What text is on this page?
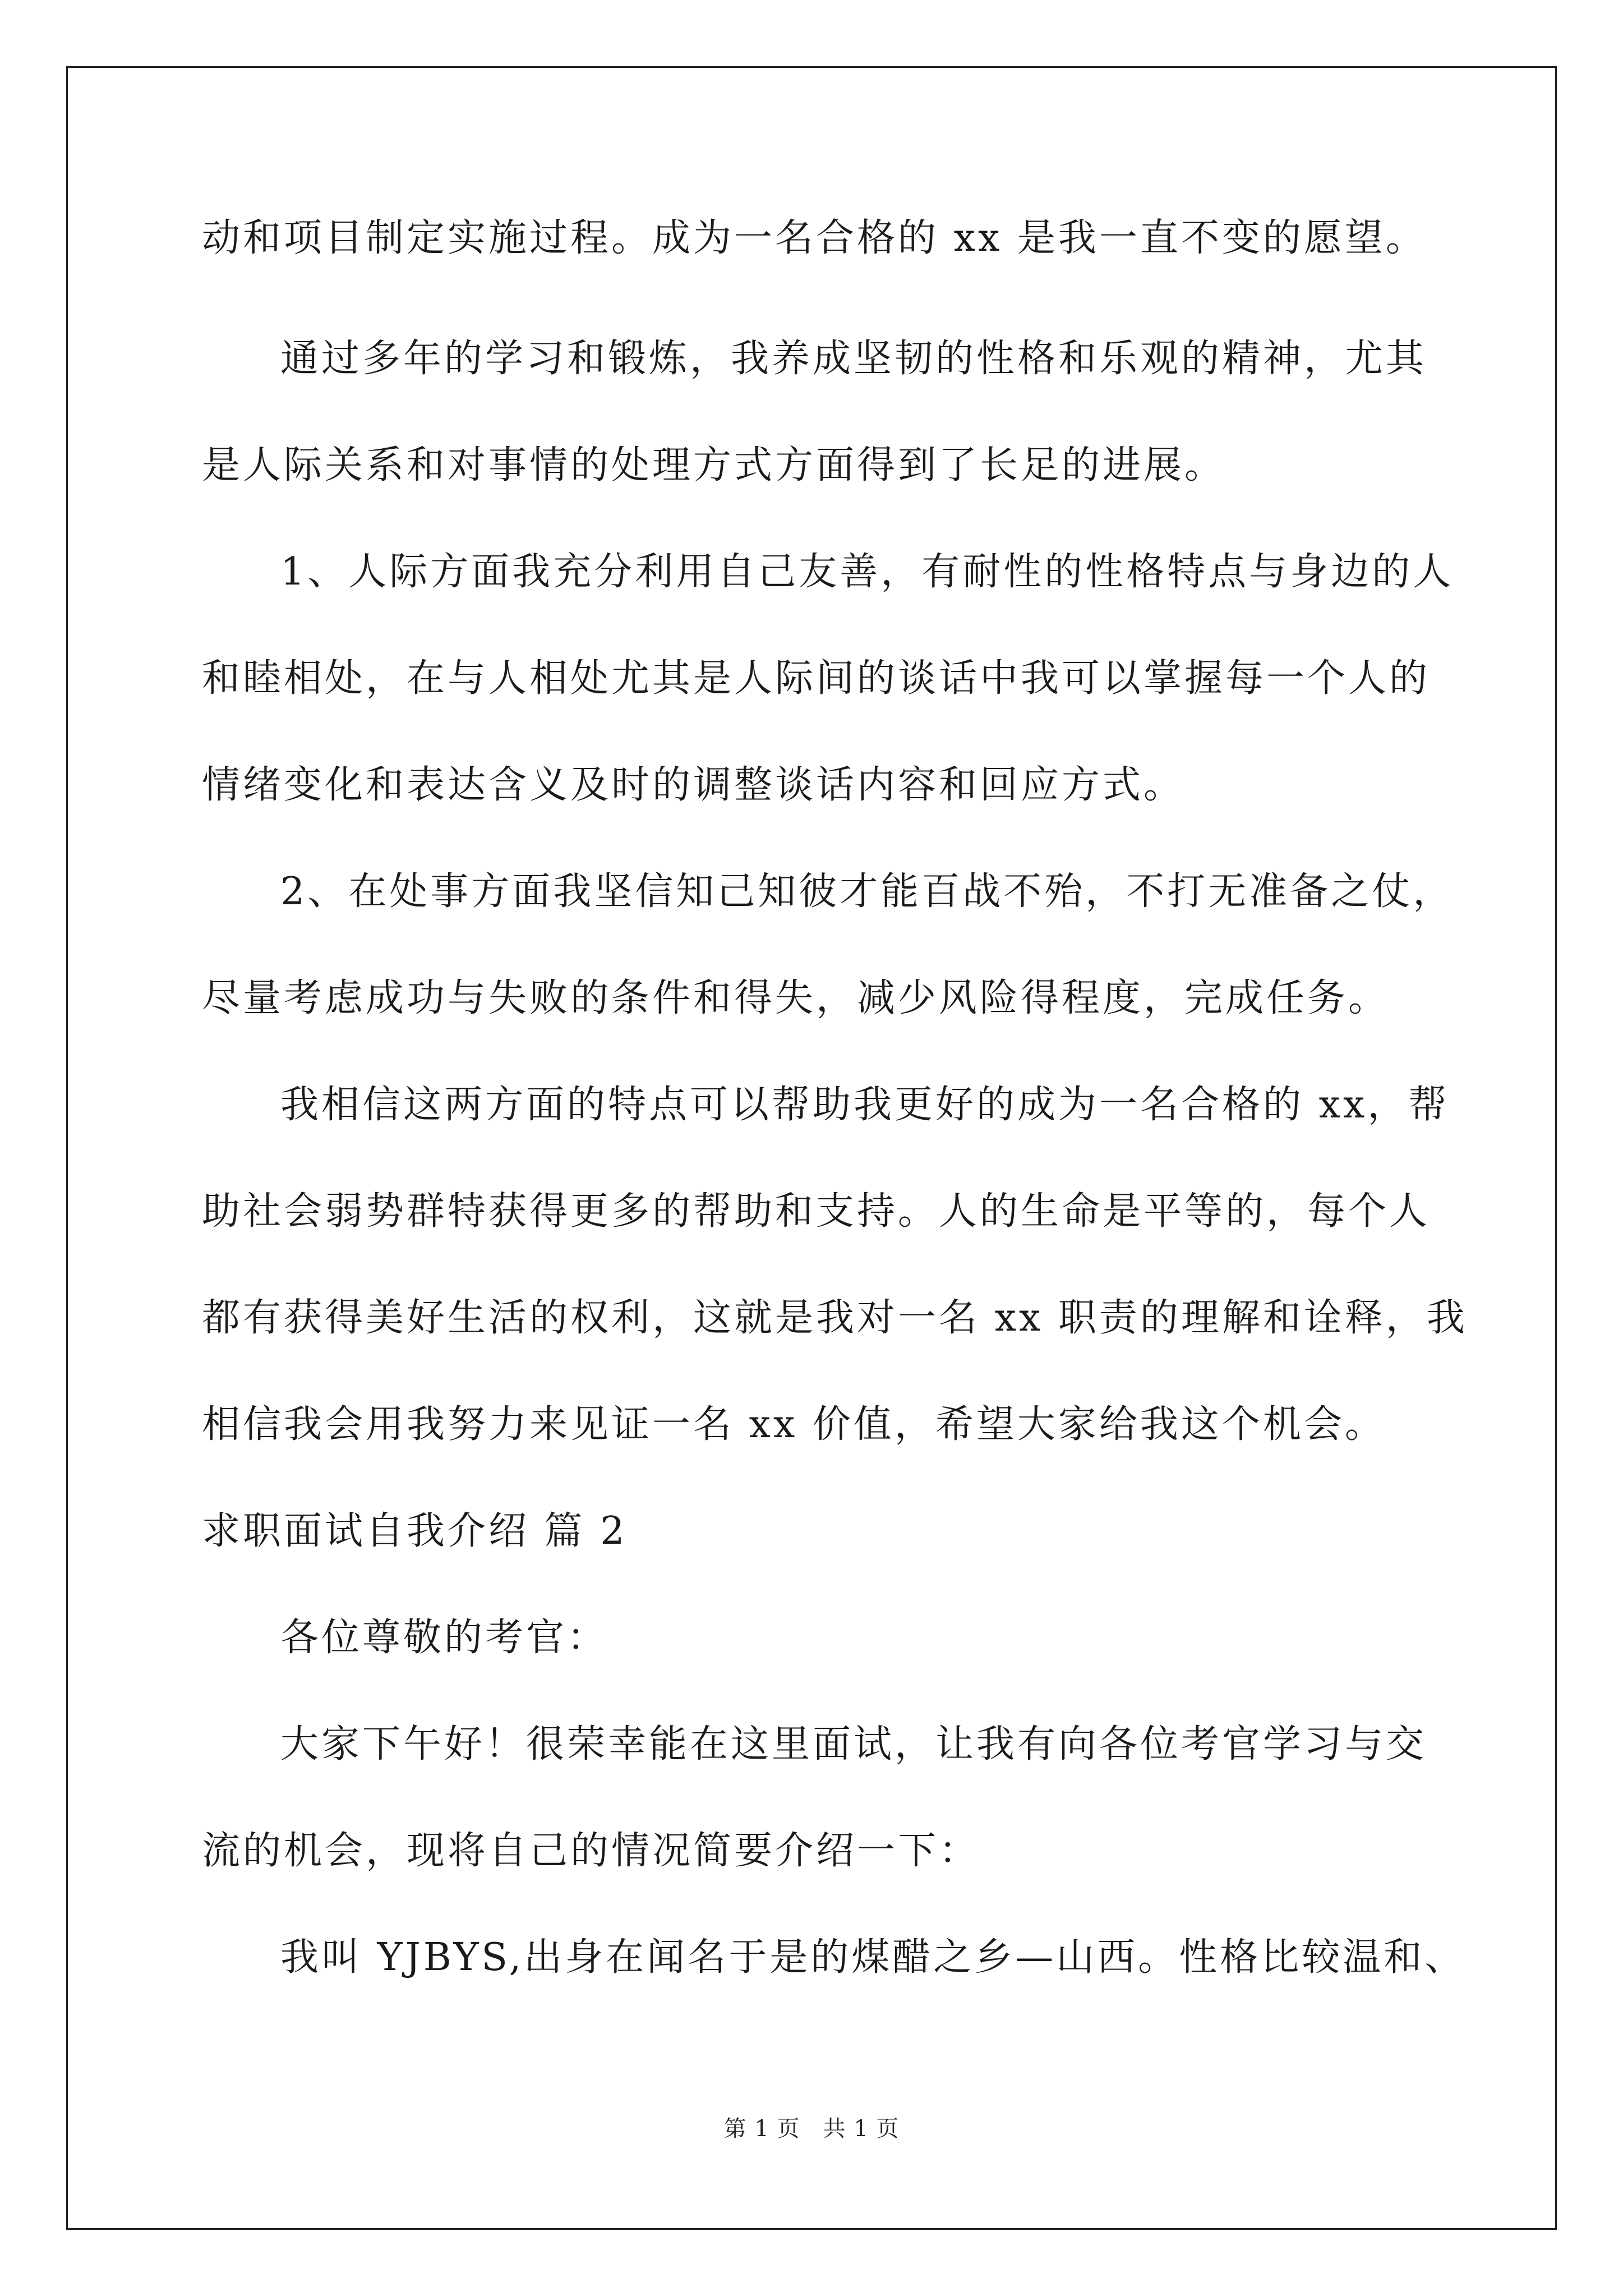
动和项目制定实施过程。成为一名合格的 xx 是我一直不变的愿望。
通过多年的学习和锻炼，我养成坚韧的性格和乐观的精神，尤其
是人际关系和对事情的处理方式方面得到了长足的进展。
1、人际方面我充分利用自己友善，有耐性的性格特点与身边的人
和睦相处，在与人相处尤其是人际间的谈话中我可以掌握每一个人的
情绪变化和表达含义及时的调整谈话内容和回应方式。
2、在处事方面我坚信知己知彼才能百战不殆，不打无准备之仗，
尽量考虑成功与失败的条件和得失，减少风险得程度，完成任务。
我相信这两方面的特点可以帮助我更好的成为一名合格的 xx，帮
助社会弱势群特获得更多的帮助和支持。人的生命是平等的，每个人
都有获得美好生活的权利，这就是我对一名 xx 职责的理解和诠释，我
相信我会用我努力来见证一名 xx 价值，希望大家给我这个机会。
求职面试自我介绍 篇 2
各位尊敬的考官：
大家下午好！很荣幸能在这里面试，让我有向各位考官学习与交
流的机会，现将自己的情况简要介绍一下：
我叫 YJBYS,出身在闻名于是的煤醋之乡—山西。性格比较温和、
第 1 页　共 1 页
